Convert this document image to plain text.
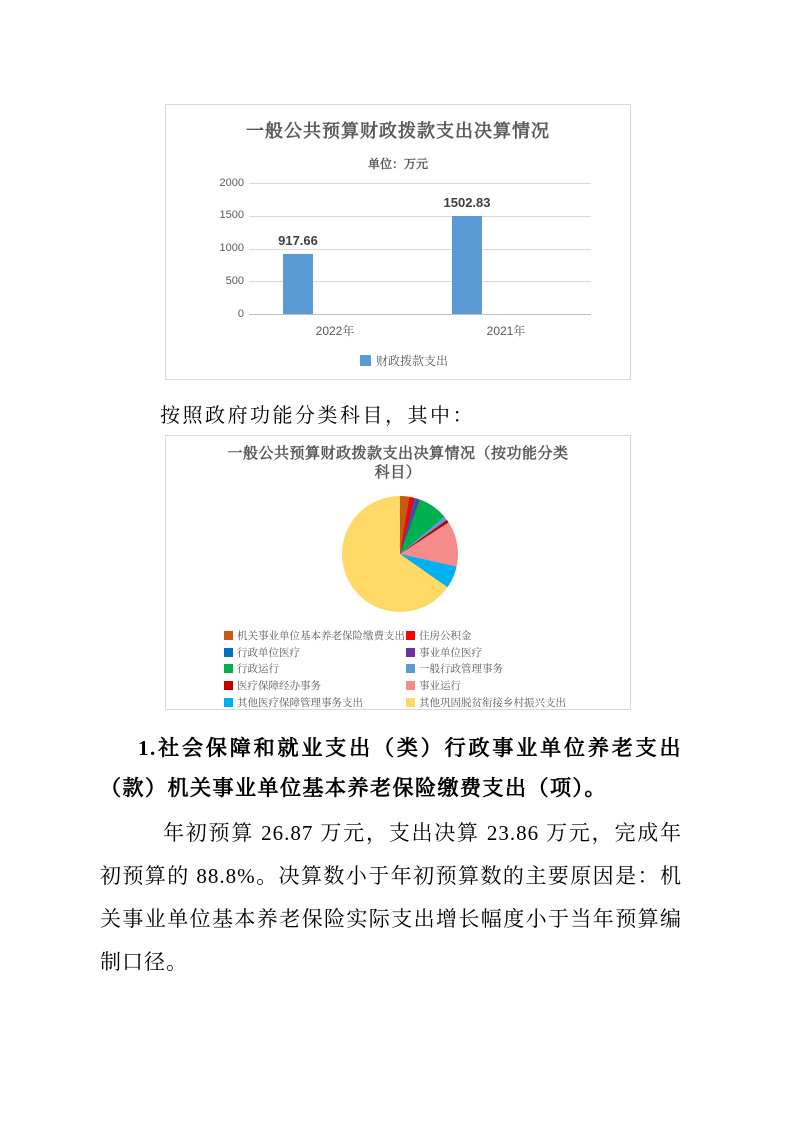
一般公共预算财政拨款支出决算情况
单位：万元
2000
1500
1000
500
0
917.66
2022年
1502.83
2021年
财政拨款支出
按照政府功能分类科目，其中：
一般公共预算财政拨款支出决算情况（按功能分类
科目）
机关事业单位基本养老保险缴费支出 住房公积金
行政单位医疗	事业单位医疗
行政运行	一般行政管理事务
医疗保障经办事务	事业运行
其他医疗保障管理事务支出	其他巩固脱贫衔接乡村振兴支出
1.社会保障和就业支出（类）行政事业单位养老支出（款）机关事业单位基本养老保险缴费支出（项）。
年初预算 26.87 万元，支出决算 23.86 万元，完成年初预算的 88.8%。决算数小于年初预算数的主要原因是：机关事业单位基本养老保险实际支出增长幅度小于当年预算编制口径。
